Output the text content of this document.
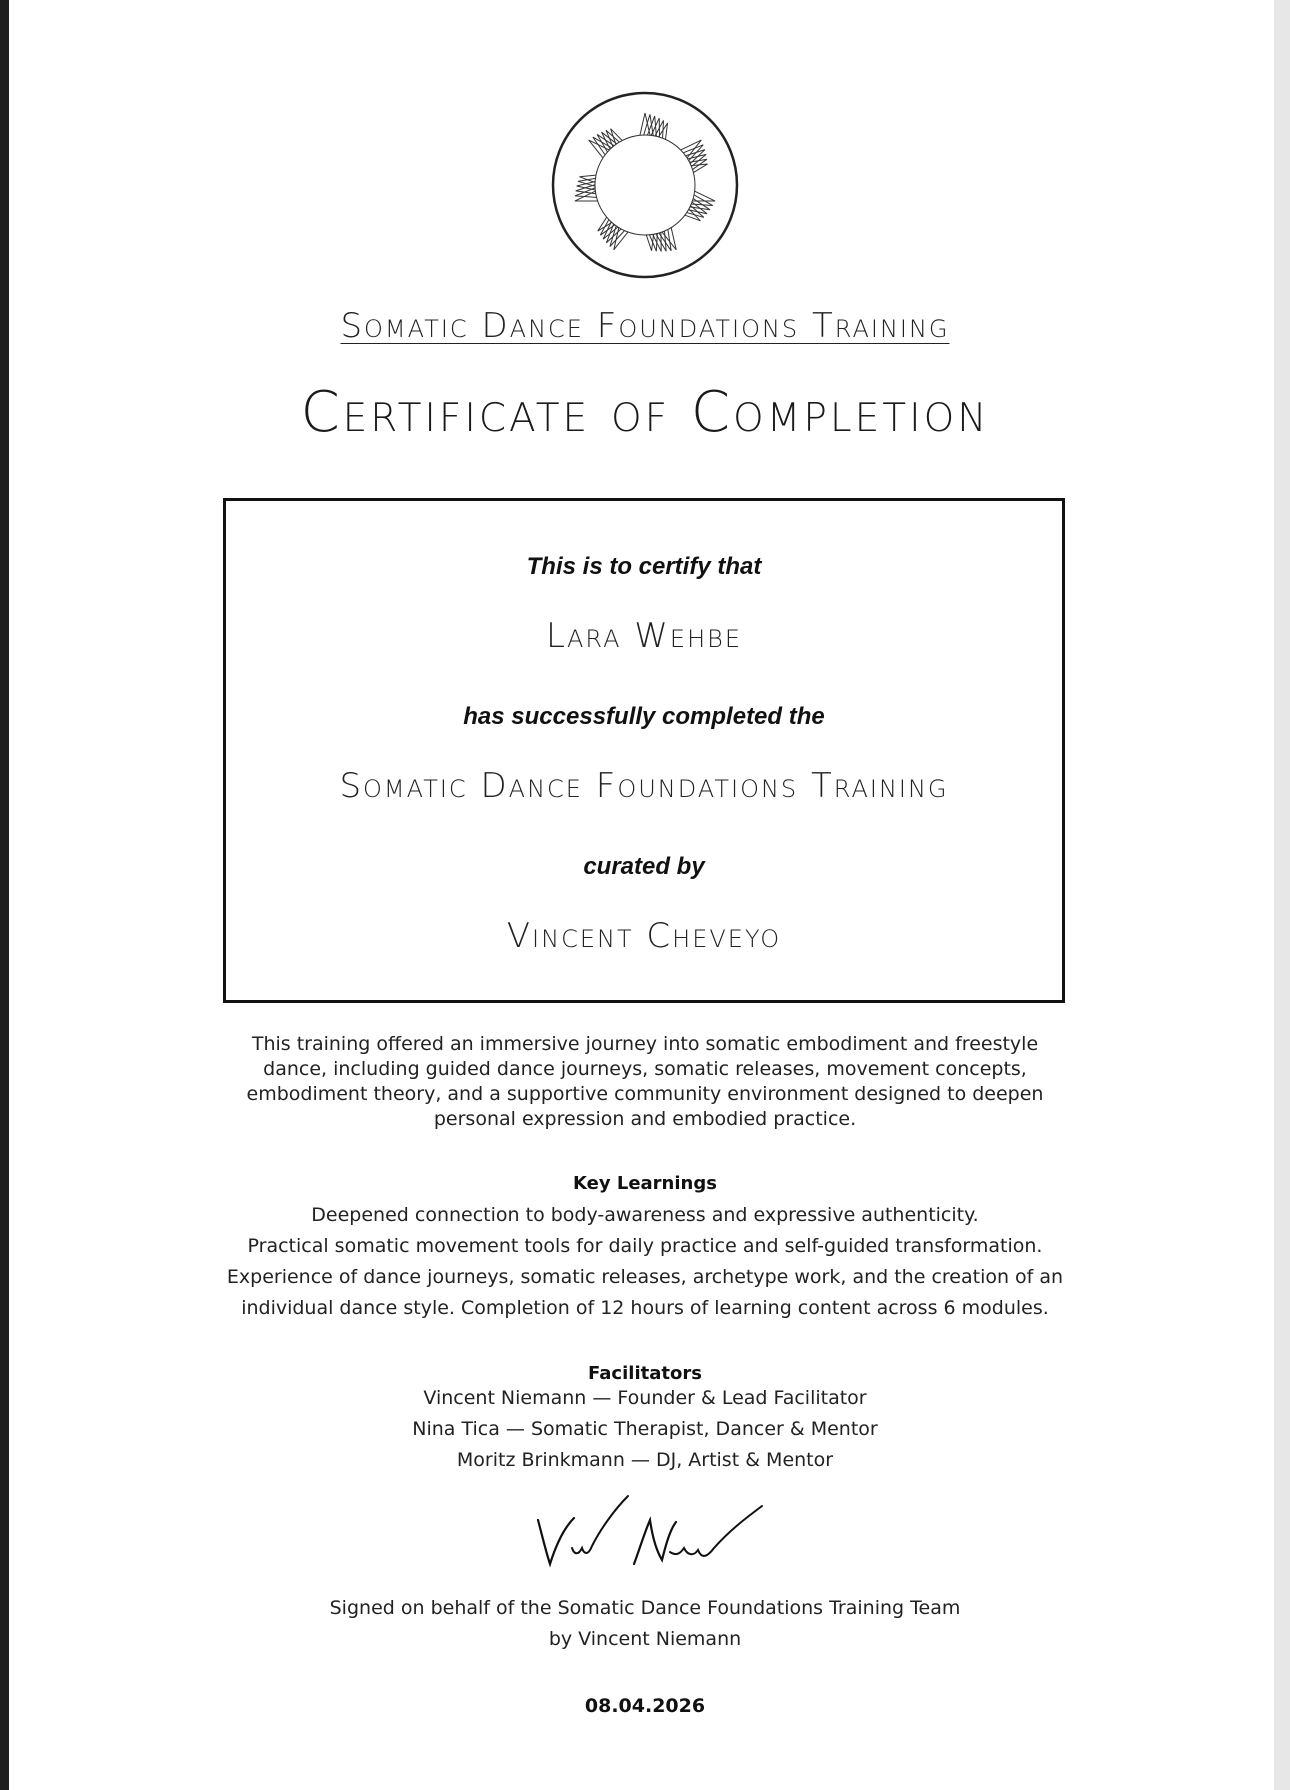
Somatic Dance Foundations Training
Certificate of Completion
This is to certify that
Lara Wehbe
has successfully completed the
Somatic Dance Foundations Training
curated by
Vincent Cheveyo
This training offered an immersive journey into somatic embodiment and freestyle
dance, including guided dance journeys, somatic releases, movement concepts,
embodiment theory, and a supportive community environment designed to deepen
personal expression and embodied practice.
Key Learnings
Deepened connection to body-awareness and expressive authenticity.
Practical somatic movement tools for daily practice and self-guided transformation.
Experience of dance journeys, somatic releases, archetype work, and the creation of an
individual dance style. Completion of 12 hours of learning content across 6 modules.
Facilitators
Vincent Niemann — Founder & Lead Facilitator
Nina Tica — Somatic Therapist, Dancer & Mentor
Moritz Brinkmann — DJ, Artist & Mentor
Signed on behalf of the Somatic Dance Foundations Training Team
by Vincent Niemann
08.04.2026
